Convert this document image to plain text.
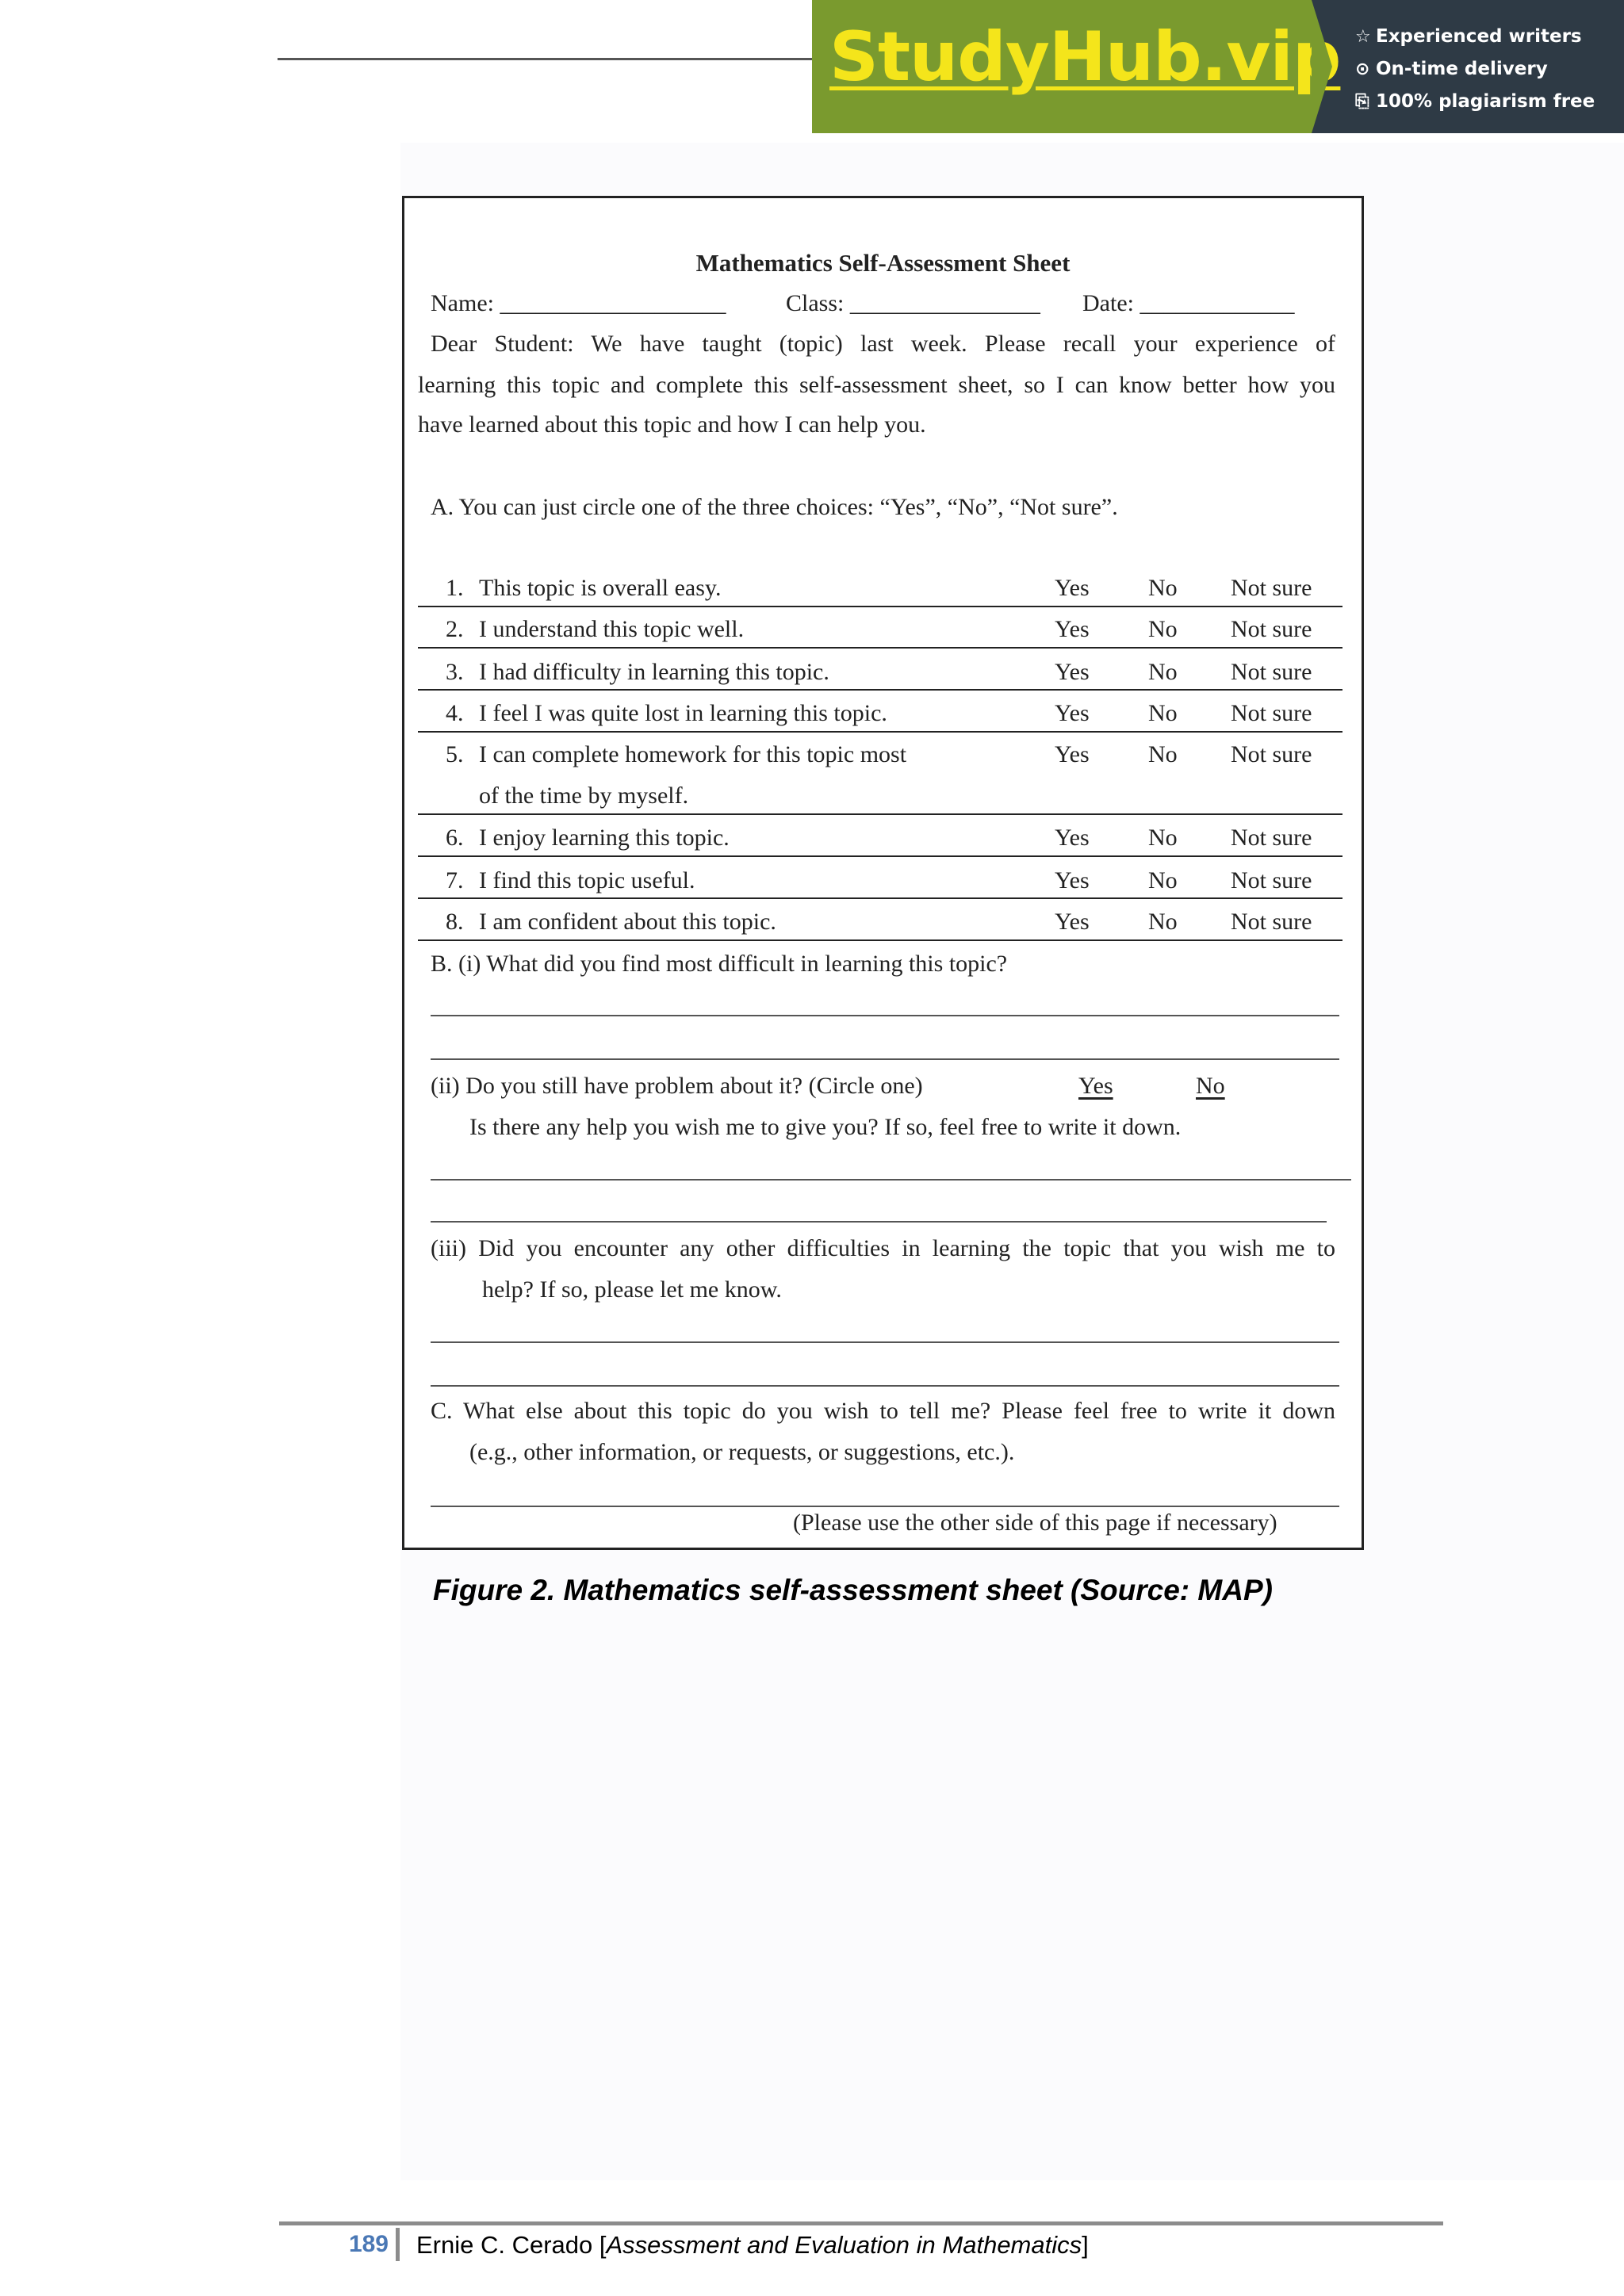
StudyHub.vip ☆ Experienced writers
⊙ On-time delivery
⎘ 100% plagiarism free
Mathematics Self-Assessment Sheet
Name: ___________________	Class: ________________ Date: _____________
Dear Student: We have taught (topic) last week. Please recall your experience of
learning this topic and complete this self-assessment sheet, so I can know better how you
have learned about this topic and how I can help you.
A. You can just circle one of the three choices: “Yes”, “No”, “Not sure”.
1. This topic is overall easy.	Yes No Not sure
2. I understand this topic well.	Yes No Not sure
3. I had difficulty in learning this topic.	Yes No Not sure
4. I feel I was quite lost in learning this topic.	Yes No Not sure
5. I can complete homework for this topic most
of the time by myself.
Yes No Not sure
6. I enjoy learning this topic.	Yes No Not sure
7. I find this topic useful.	Yes No Not sure
8. I am confident about this topic.	Yes No Not sure
B. (i) What did you find most difficult in learning this topic?
(ii) Do you still have problem about it? (Circle one)	Yes	No
Is there any help you wish me to give you? If so, feel free to write it down.
(iii) Did you encounter any other difficulties in learning the topic that you wish me to
help? If so, please let me know.
C. What else about this topic do you wish to tell me? Please feel free to write it down
(e.g., other information, or requests, or suggestions, etc.).
(Please use the other side of this page if necessary)
Figure 2. Mathematics self-assessment sheet (Source: MAP)
189 Ernie C. Cerado [Assessment and Evaluation in Mathematics]
